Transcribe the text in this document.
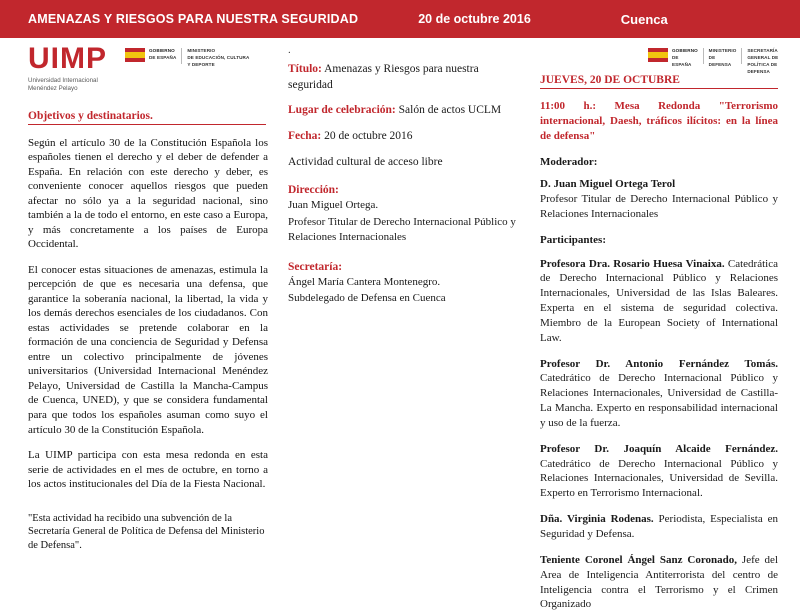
AMENAZAS Y RIESGOS PARA NUESTRA SEGURIDAD	20 de octubre 2016	Cuenca
UIMP
Universidad Internacional
Menéndez Pelayo

GOBIERNO
DE ESPAÑA
MINISTERIO
DE EDUCACIÓN, CULTURA
Y DEPORTE
Objetivos y destinatarios.
Según el artículo 30 de la Constitución Española los españoles tienen el derecho y el deber de defender a España. En relación con este derecho y deber, es conveniente conocer aquellos riesgos que pueden afectar no sólo ya a la seguridad nacional, sino también a la de todo el entorno, en este caso a Europa, y más concretamente a los países de Europa Occidental.
El conocer estas situaciones de amenazas, estimula la percepción de que es necesaria una defensa, que garantice la soberanía nacional, la libertad, la vida y los demás derechos esenciales de los ciudadanos. Con estas actividades se pretende colaborar en la formación de una conciencia de Seguridad y Defensa entre un colectivo principalmente de jóvenes universitarios (Universidad Internacional Menéndez Pelayo, Universidad de Castilla la Mancha-Campus de Cuenca, UNED), y que se considera fundamental para que todos los españoles asuman como suyo el artículo 30 de la Constitución Española.
La UIMP participa con esta mesa redonda en esta serie de actividades en el mes de octubre, en torno a los actos institucionales del Día de la Fiesta Nacional.
"Esta actividad ha recibido una subvención de la Secretaría General de Política de Defensa del Ministerio de Defensa".
.
Título: Amenazas y Riesgos para nuestra seguridad
Lugar de celebración: Salón de actos UCLM
Fecha: 20 de octubre 2016
Actividad cultural de acceso libre
Dirección:
Juan Miguel Ortega.
Profesor Titular de Derecho Internacional Público y Relaciones Internacionales
Secretaría:
Ángel María Cantera Montenegro.
Subdelegado de Defensa en Cuenca
GOBIERNO
DE ESPAÑA
MINISTERIO
DE DEFENSA
SECRETARÍA GENERAL DE
POLÍTICA DE DEFENSA
JUEVES, 20 DE OCTUBRE
11:00 h.: Mesa Redonda "Terrorismo internacional, Daesh, tráficos ilícitos: en la línea de defensa"
Moderador:
D. Juan Miguel Ortega Terol
Profesor Titular de Derecho Internacional Público y Relaciones Internacionales
Participantes:
Profesora Dra. Rosario Huesa Vinaixa. Catedrática de Derecho Internacional Público y Relaciones Internacionales, Universidad de las Islas Baleares. Experta en el sistema de seguridad colectiva. Miembro de la European Society of International Law.
Profesor Dr. Antonio Fernández Tomás. Catedrático de Derecho Internacional Público y Relaciones Internacionales, Universidad de Castilla-La Mancha. Experto en responsabilidad internacional y uso de la fuerza.
Profesor Dr. Joaquín Alcaide Fernández. Catedrático de Derecho Internacional Público y Relaciones Internacionales, Universidad de Sevilla. Experto en Terrorismo Internacional.
Dña. Virginia Rodenas. Periodista, Especialista en Seguridad y Defensa.
Teniente Coronel Ángel Sanz Coronado, Jefe del Area de Inteligencia Antiterrorista del centro de Inteligencia contra el Terrorismo y el Crimen Organizado
